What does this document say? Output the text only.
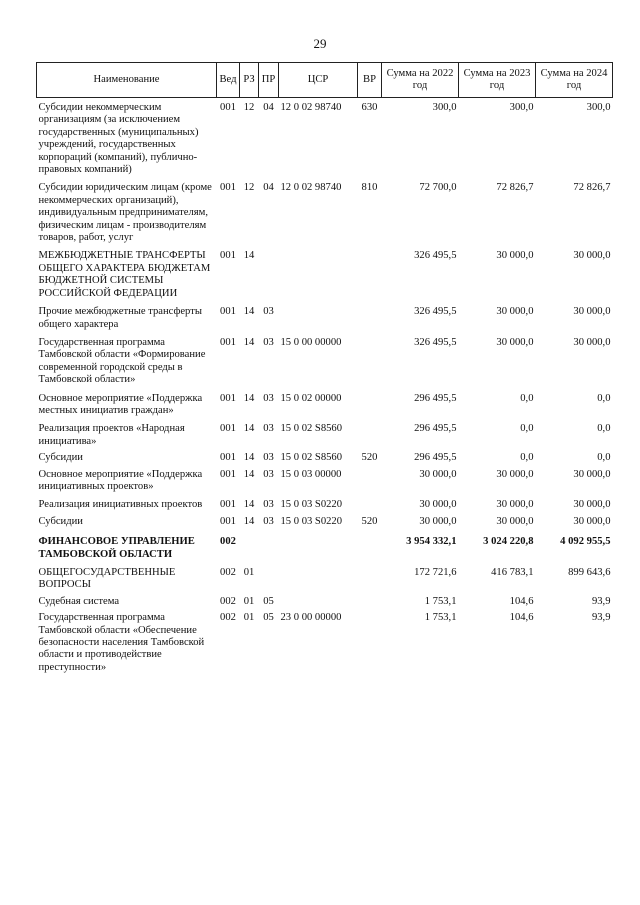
29
Наименование	Вед	РЗ	ПР	ЦСР	ВР	Сумма на 2022 год	Сумма на 2023 год	Сумма на 2024 год

Субсидии некоммерческим организациям (за исключением государственных (муниципальных) учреждений, государственных корпораций (компаний), публично-правовых компаний)	001	12	04	12 0 02 98740	630	300,0	300,0	300,0

Субсидии юридическим лицам (кроме некоммерческих организаций), индивидуальным предпринимателям, физическим лицам - производителям товаров, работ, услуг	001	12	04	12 0 02 98740	810	72 700,0	72 826,7	72 826,7

МЕЖБЮДЖЕТНЫЕ ТРАНСФЕРТЫ ОБЩЕГО ХАРАКТЕРА БЮДЖЕТАМ БЮДЖЕТНОЙ СИСТЕМЫ РОССИЙСКОЙ ФЕДЕРАЦИИ	001	14				326 495,5	30 000,0	30 000,0

Прочие межбюджетные трансферты общего характера	001	14	03			326 495,5	30 000,0	30 000,0

Государственная программа Тамбовской области «Формирование современной городской среды в Тамбовской области»	001	14	03	15 0 00 00000		326 495,5	30 000,0	30 000,0

Основное мероприятие «Поддержка местных инициатив граждан»	001	14	03	15 0 02 00000		296 495,5	0,0	0,0

Реализация проектов «Народная инициатива»	001	14	03	15 0 02 S8560		296 495,5	0,0	0,0

Субсидии	001	14	03	15 0 02 S8560	520	296 495,5	0,0	0,0

Основное мероприятие «Поддержка инициативных проектов»	001	14	03	15 0 03 00000		30 000,0	30 000,0	30 000,0

Реализация инициативных проектов	001	14	03	15 0 03 S0220		30 000,0	30 000,0	30 000,0

Субсидии	001	14	03	15 0 03 S0220	520	30 000,0	30 000,0	30 000,0

ФИНАНСОВОЕ УПРАВЛЕНИЕ ТАМБОВСКОЙ ОБЛАСТИ	002					3 954 332,1	3 024 220,8	4 092 955,5

ОБЩЕГОСУДАРСТВЕННЫЕ ВОПРОСЫ	002	01				172 721,6	416 783,1	899 643,6

Судебная система	002	01	05			1 753,1	104,6	93,9

Государственная программа Тамбовской области «Обеспечение безопасности населения Тамбовской области и противодействие преступности»	002	01	05	23 0 00 00000		1 753,1	104,6	93,9
